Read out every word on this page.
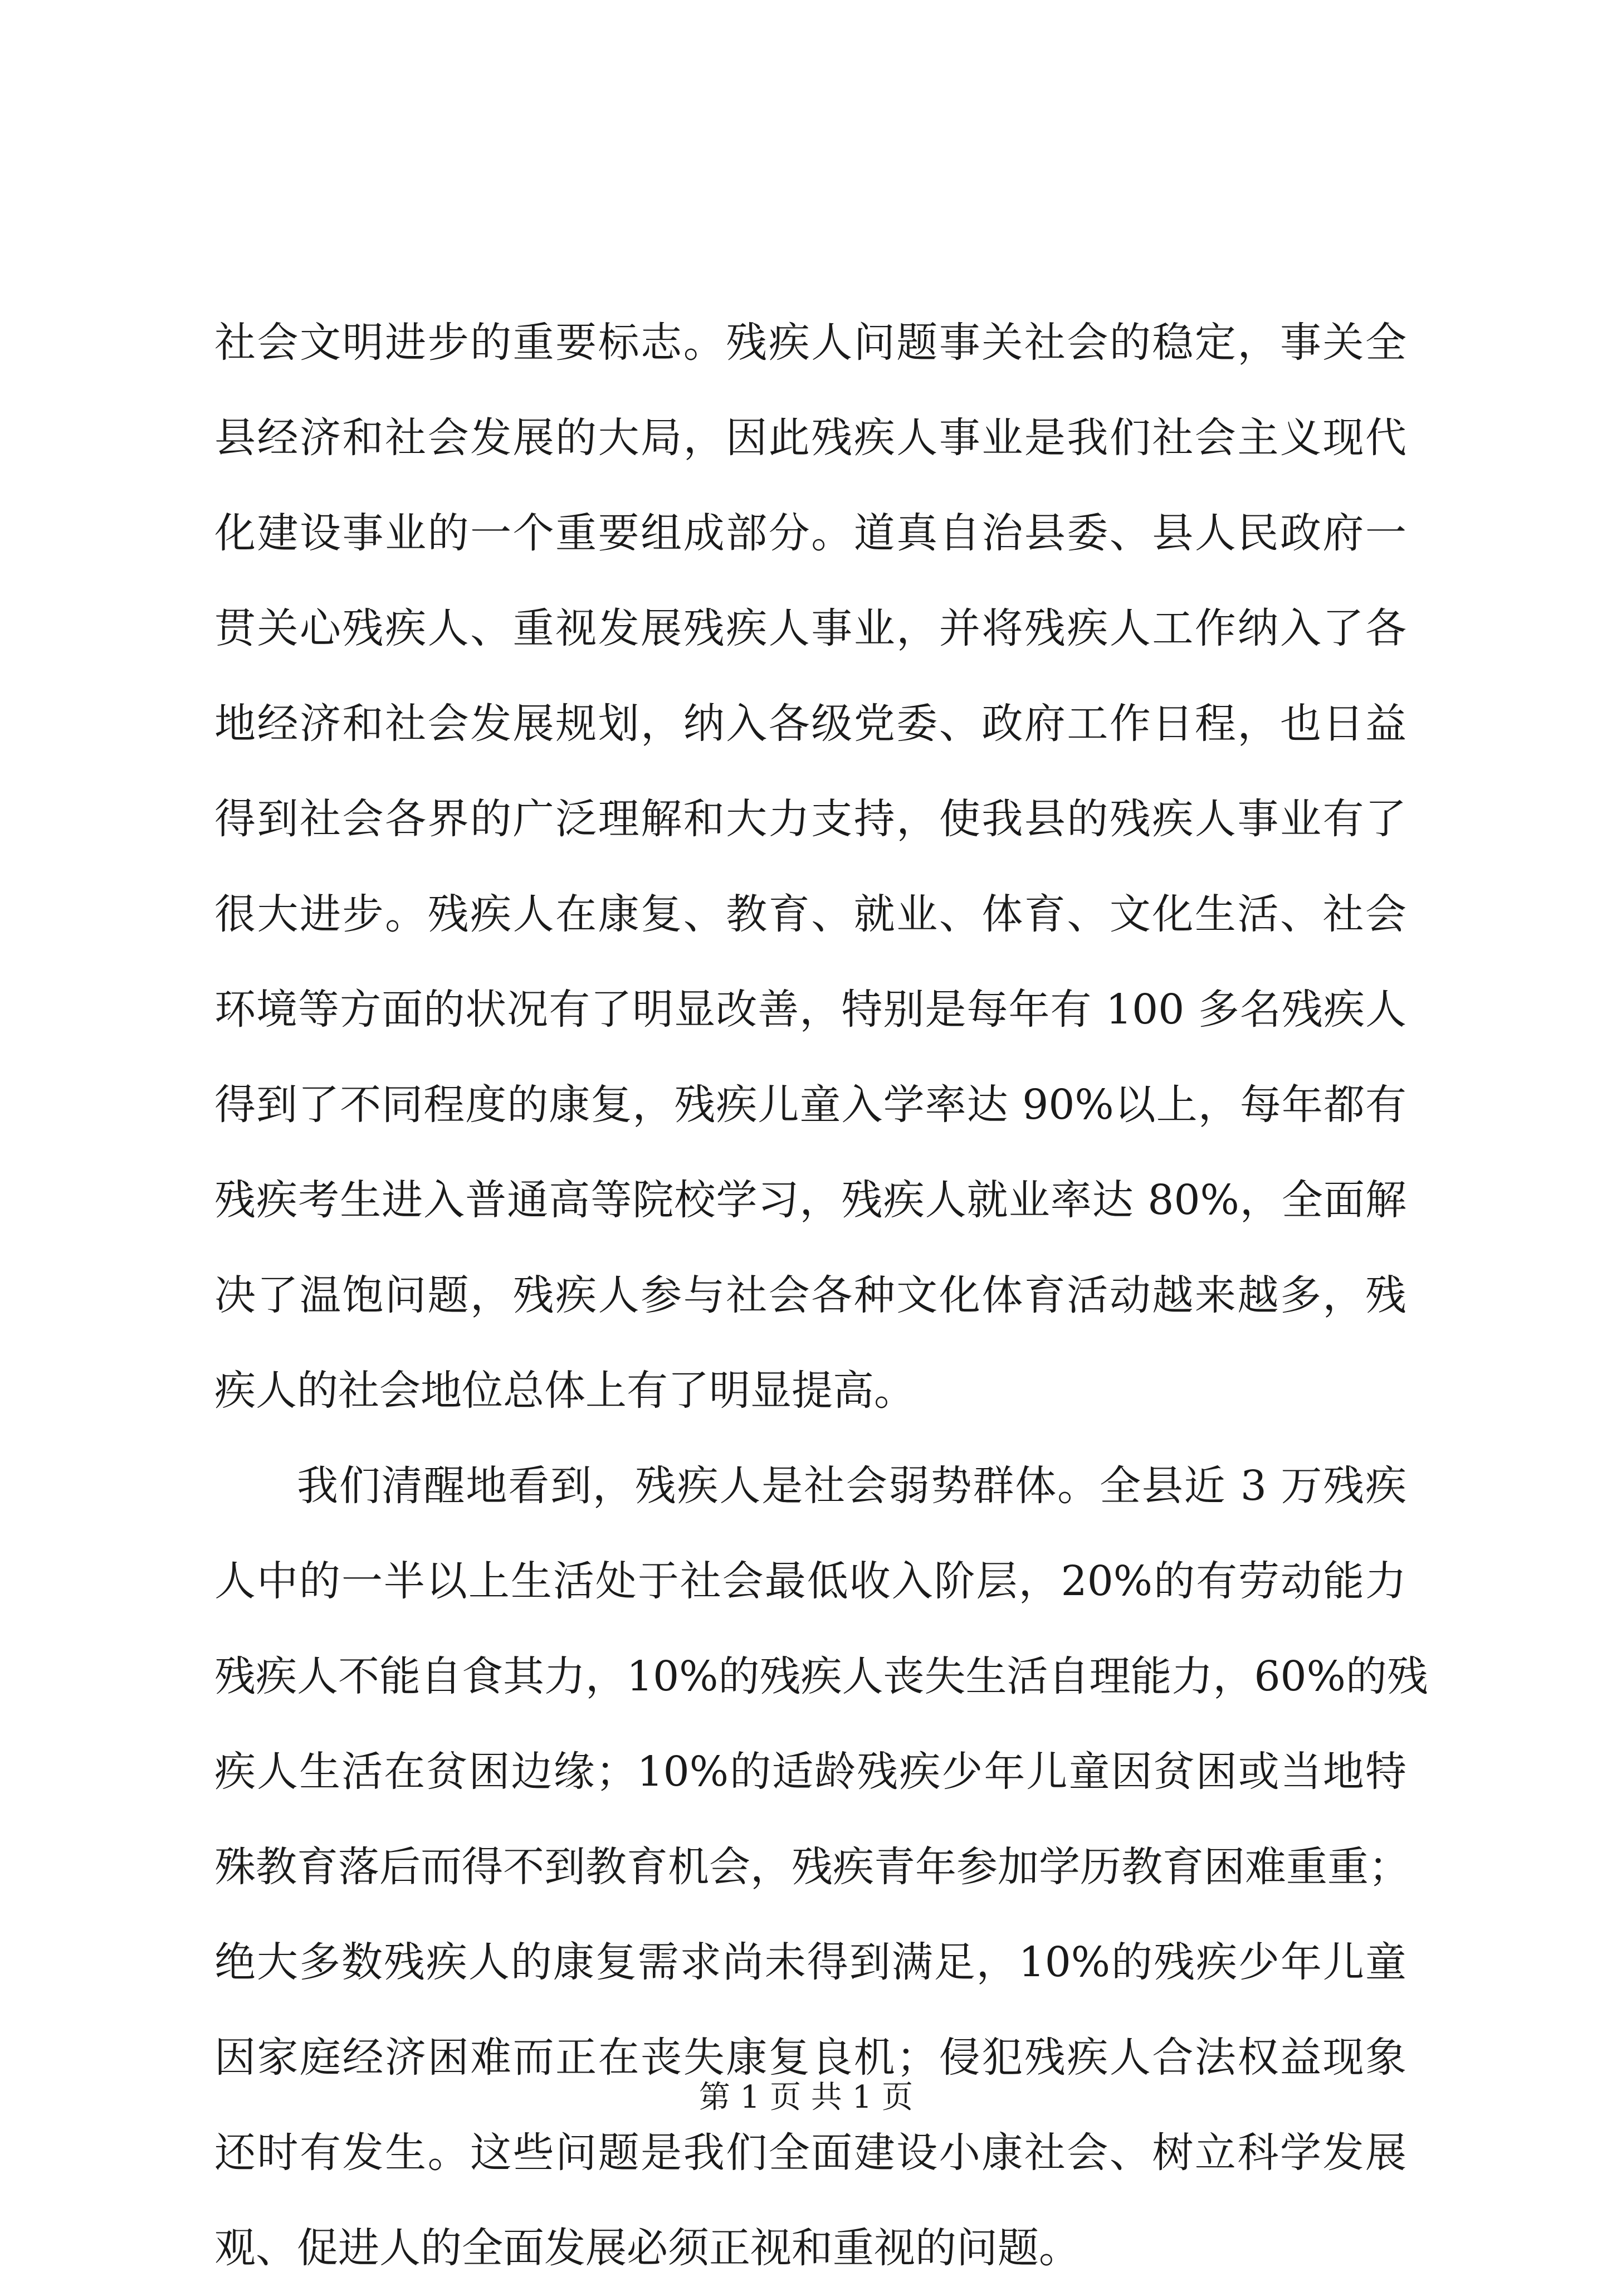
社会文明进步的重要标志。残疾人问题事关社会的稳定，事关全
县经济和社会发展的大局，因此残疾人事业是我们社会主义现代
化建设事业的一个重要组成部分。道真自治县委、县人民政府一
贯关心残疾人、重视发展残疾人事业，并将残疾人工作纳入了各
地经济和社会发展规划，纳入各级党委、政府工作日程，也日益
得到社会各界的广泛理解和大力支持，使我县的残疾人事业有了
很大进步。残疾人在康复、教育、就业、体育、文化生活、社会
环境等方面的状况有了明显改善，特别是每年有 100 多名残疾人
得到了不同程度的康复，残疾儿童入学率达 90%以上，每年都有
残疾考生进入普通高等院校学习，残疾人就业率达 80%，全面解
决了温饱问题，残疾人参与社会各种文化体育活动越来越多，残
疾人的社会地位总体上有了明显提高。
我们清醒地看到，残疾人是社会弱势群体。全县近 3 万残疾
人中的一半以上生活处于社会最低收入阶层，20%的有劳动能力
残疾人不能自食其力，10%的残疾人丧失生活自理能力，60%的残
疾人生活在贫困边缘；10%的适龄残疾少年儿童因贫困或当地特
殊教育落后而得不到教育机会，残疾青年参加学历教育困难重重；
绝大多数残疾人的康复需求尚未得到满足，10%的残疾少年儿童
因家庭经济困难而正在丧失康复良机；侵犯残疾人合法权益现象
还时有发生。这些问题是我们全面建设小康社会、树立科学发展
观、促进人的全面发展必须正视和重视的问题。
第 1 页 共 1 页
